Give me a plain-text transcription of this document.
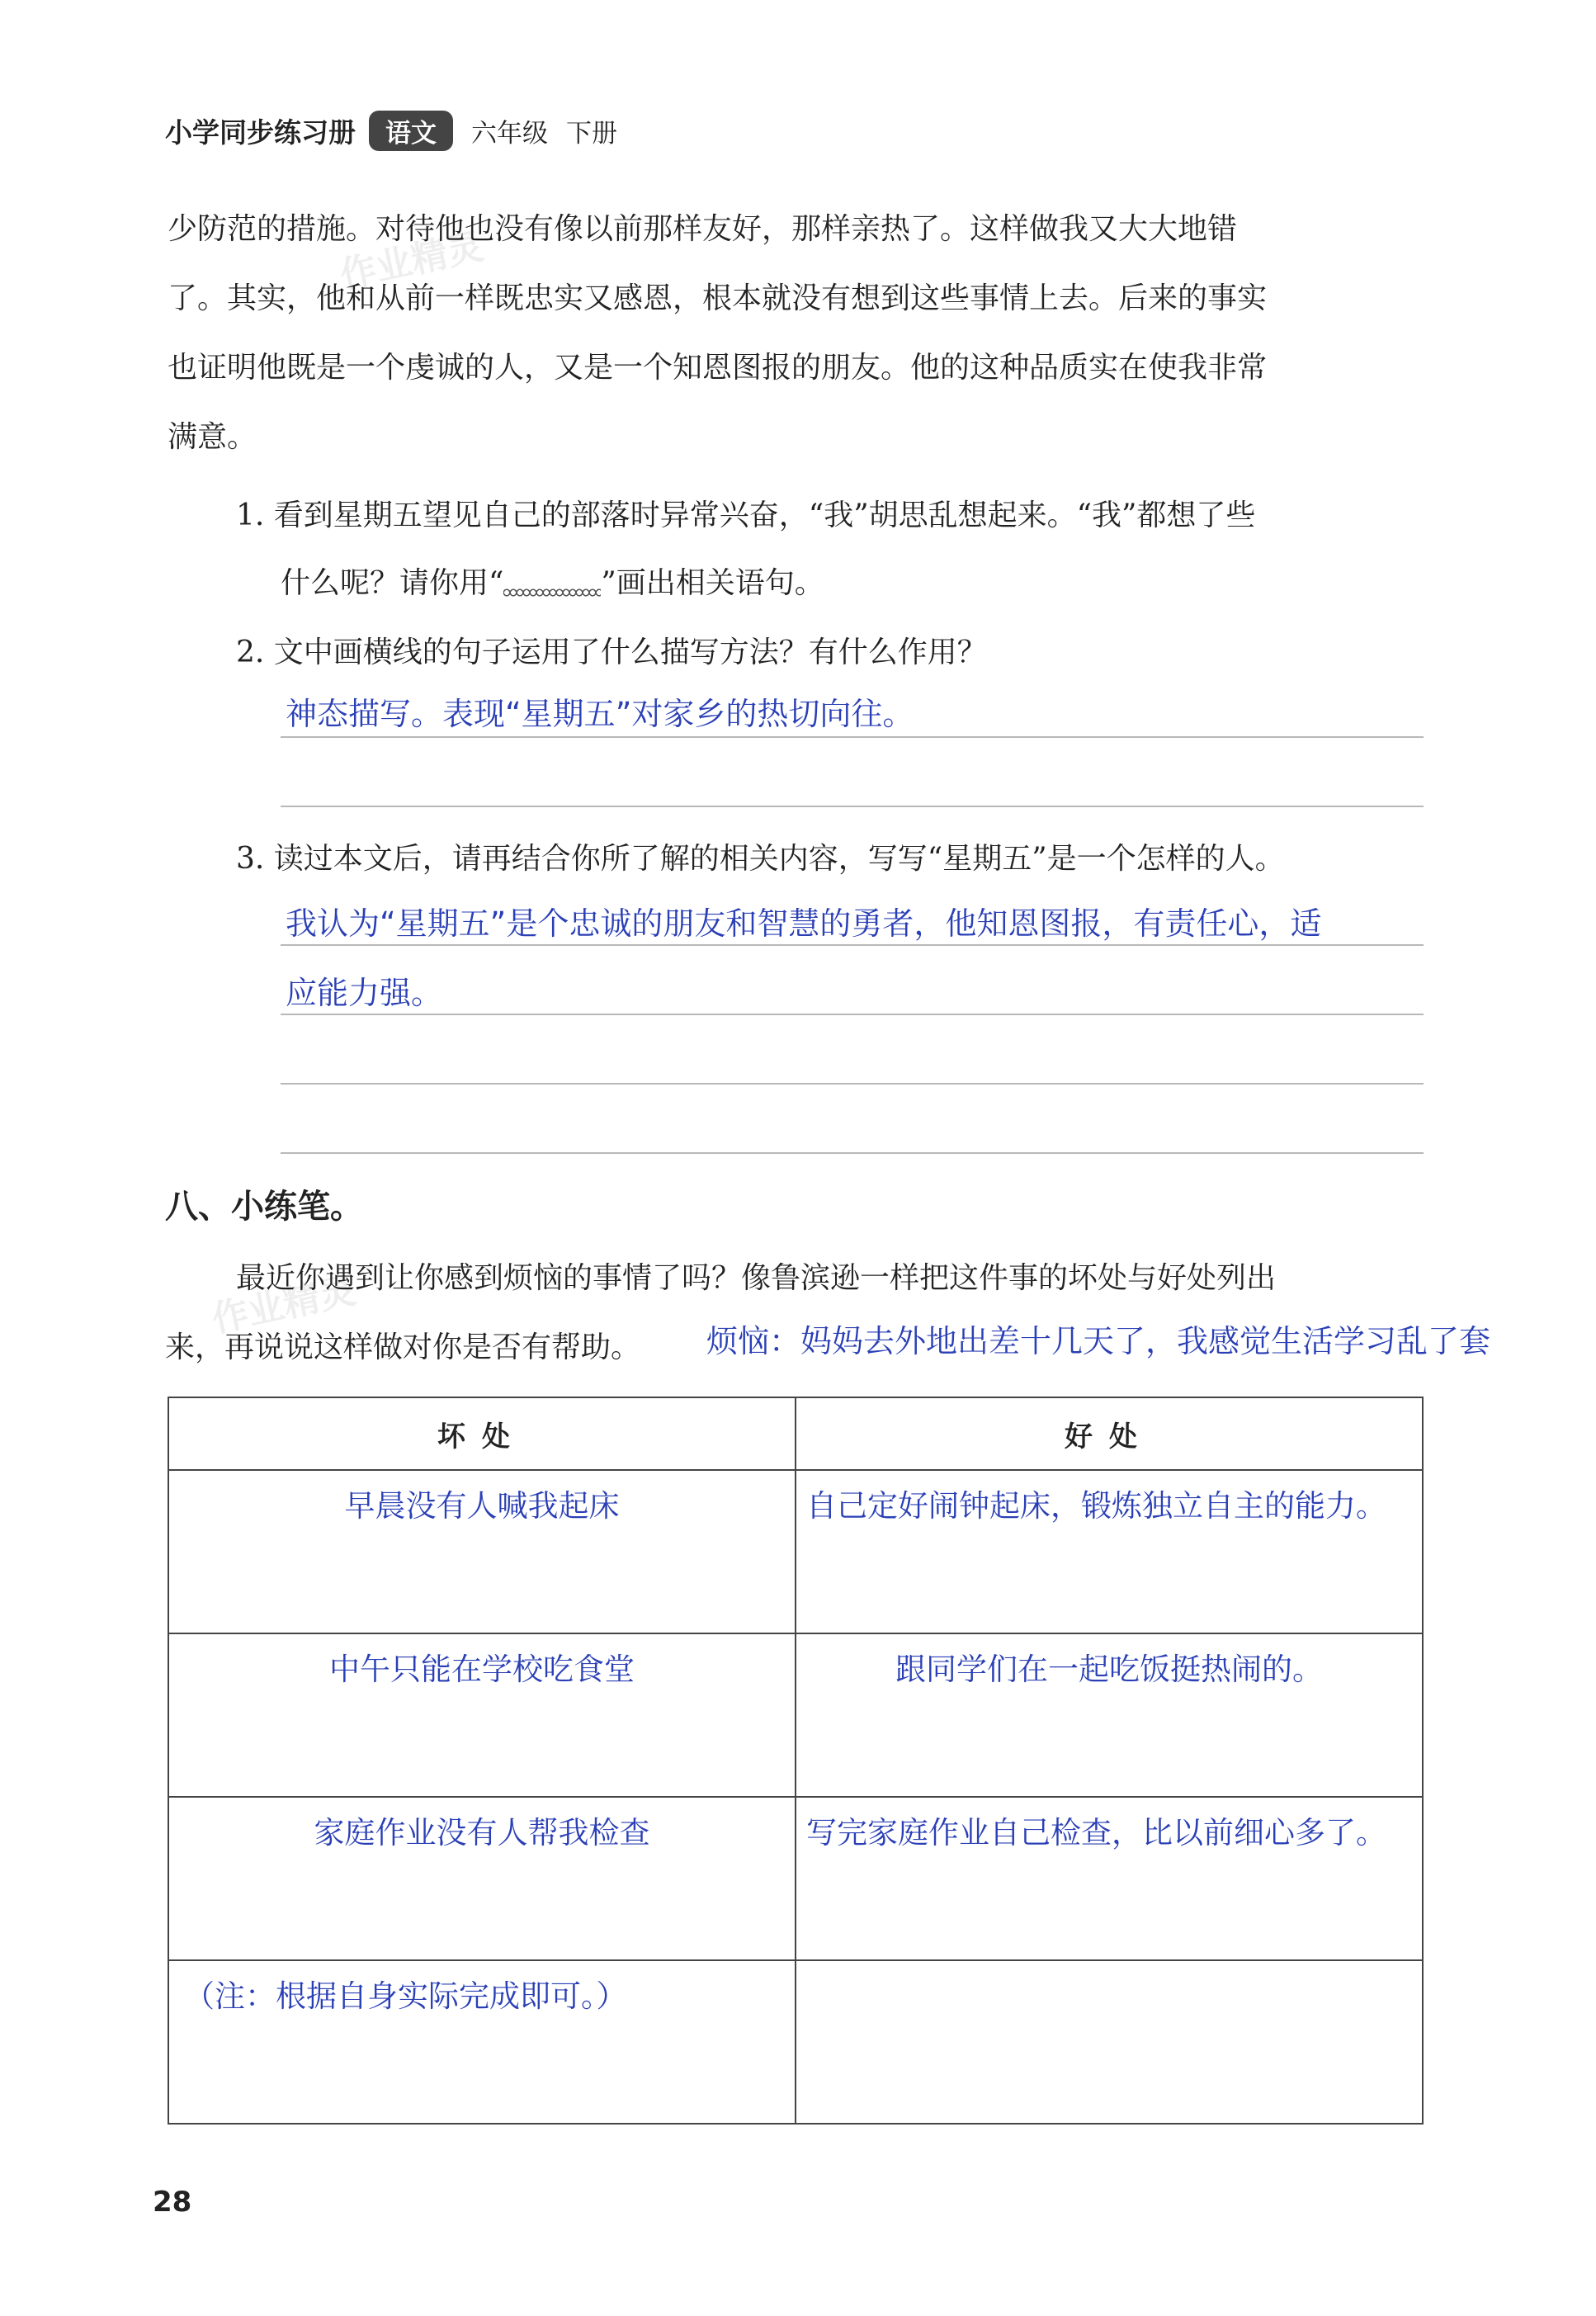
作业精灵
作业精灵
小学同步练习册	语文	六年级 下册
少防范的措施。对待他也没有像以前那样友好，那样亲热了。这样做我又大大地错
了。其实，他和从前一样既忠实又感恩，根本就没有想到这些事情上去。后来的事实
也证明他既是一个虔诚的人，又是一个知恩图报的朋友。他的这种品质实在使我非常
满意。
1. 看到星期五望见自己的部落时异常兴奋，“我”胡思乱想起来。“我”都想了些
什么呢？请你用“	”画出相关语句。
2. 文中画横线的句子运用了什么描写方法？有什么作用？
神态描写。表现“星期五”对家乡的热切向往。
3. 读过本文后，请再结合你所了解的相关内容，写写“星期五”是一个怎样的人。
我认为“星期五”是个忠诚的朋友和智慧的勇者，他知恩图报，有责任心，适
应能力强。
八、小练笔。
最近你遇到让你感到烦恼的事情了吗？像鲁滨逊一样把这件事的坏处与好处列出
来，再说说这样做对你是否有帮助。 烦恼：妈妈去外地出差十几天了，我感觉生活学习乱了套
坏处	好处

早晨没有人喊我起床	自己定好闹钟起床，锻炼独立自主的能力。

中午只能在学校吃食堂	跟同学们在一起吃饭挺热闹的。

家庭作业没有人帮我检查	写完家庭作业自己检查，比以前细心多了。

（注：根据自身实际完成即可。）	

28
